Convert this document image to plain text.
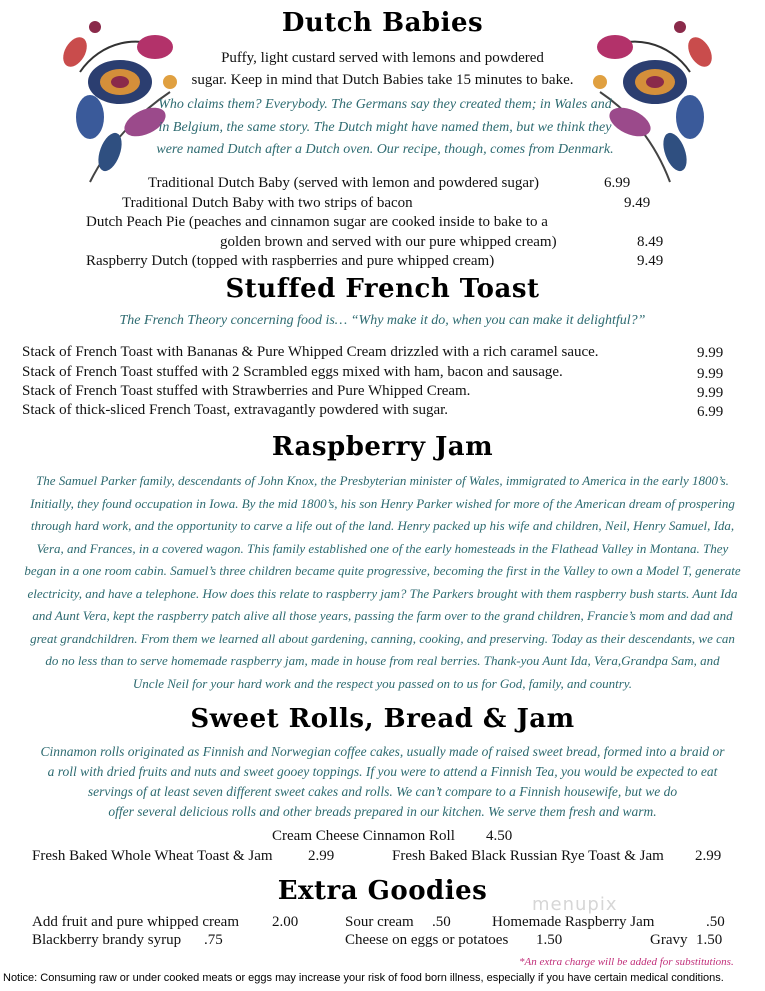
Dutch Babies
Puffy, light custard served with lemons and powdered
sugar. Keep in mind that Dutch Babies take 15 minutes to bake.
Who claims them? Everybody. The Germans say they created them; in Wales and
in Belgium, the same story. The Dutch might have named them, but we think they
were named Dutch after a Dutch oven. Our recipe, though, comes from Denmark.
Traditional Dutch Baby (served with lemon and powdered sugar)	6.99
Traditional Dutch Baby with two strips of bacon	9.49
Dutch Peach Pie (peaches and cinnamon sugar are cooked inside to bake to a
golden brown and served with our pure whipped cream)	8.49
Raspberry Dutch (topped with raspberries and pure whipped cream)	9.49
Stuffed French Toast
The French Theory concerning food is… “Why make it do, when you can make it delightful?”
Stack of French Toast with Bananas & Pure Whipped Cream drizzled with a rich caramel sauce.	9.99
Stack of French Toast stuffed with 2 Scrambled eggs mixed with ham, bacon and sausage.	9.99
Stack of French Toast stuffed with Strawberries and Pure Whipped Cream.	9.99
Stack of thick-sliced French Toast, extravagantly powdered with sugar.	6.99
Raspberry Jam

The Samuel Parker family, descendants of John Knox, the Presbyterian minister of Wales, immigrated to America in the early 1800’s.

Initially, they found occupation in Iowa. By the mid 1800’s, his son Henry Parker wished for more of the American dream of prospering

through hard work, and the opportunity to carve a life out of the land. Henry packed up his wife and children, Neil, Henry Samuel, Ida,

Vera, and Frances, in a covered wagon. This family established one of the early homesteads in the Flathead Valley in Montana. They

began in a one room cabin. Samuel’s three children became quite progressive, becoming the first in the Valley to own a Model T, generate

electricity, and have a telephone. How does this relate to raspberry jam? The Parkers brought with them raspberry bush starts. Aunt Ida

and Aunt Vera, kept the raspberry patch alive all those years, passing the farm over to the grand children, Francie’s mom and dad and

great grandchildren. From them we learned all about gardening, canning, cooking, and preserving. Today as their descendants, we can

do no less than to serve homemade raspberry jam, made in house from real berries. Thank-you Aunt Ida, Vera,Grandpa Sam, and

Uncle Neil for your hard work and the respect you passed on to us for God, family, and country.

Sweet Rolls, Bread & Jam

Cinnamon rolls originated as Finnish and Norwegian coffee cakes, usually made of raised sweet bread, formed into a braid or

a roll with dried fruits and nuts and sweet gooey toppings. If you were to attend a Finnish Tea, you would be expected to eat

servings of at least seven different sweet cakes and rolls. We can’t compare to a Finnish housewife, but we do

offer several delicious rolls and other breads prepared in our kitchen. We serve them fresh and warm.

Cream Cheese Cinnamon Roll 4.50
Fresh Baked Whole Wheat Toast & Jam 2.99	Fresh Baked Black Russian Rye Toast & Jam 2.99
Extra Goodies	menupix
Add fruit and pure whipped cream 2.00	Sour cream .50	Homemade Raspberry Jam	.50
Blackberry brandy syrup .75	Cheese on eggs or potatoes 1.50	Gravy 1.50
*An extra charge will be added for substitutions.
Notice: Consuming raw or under cooked meats or eggs may increase your risk of food born illness, especially if you have certain medical conditions.
